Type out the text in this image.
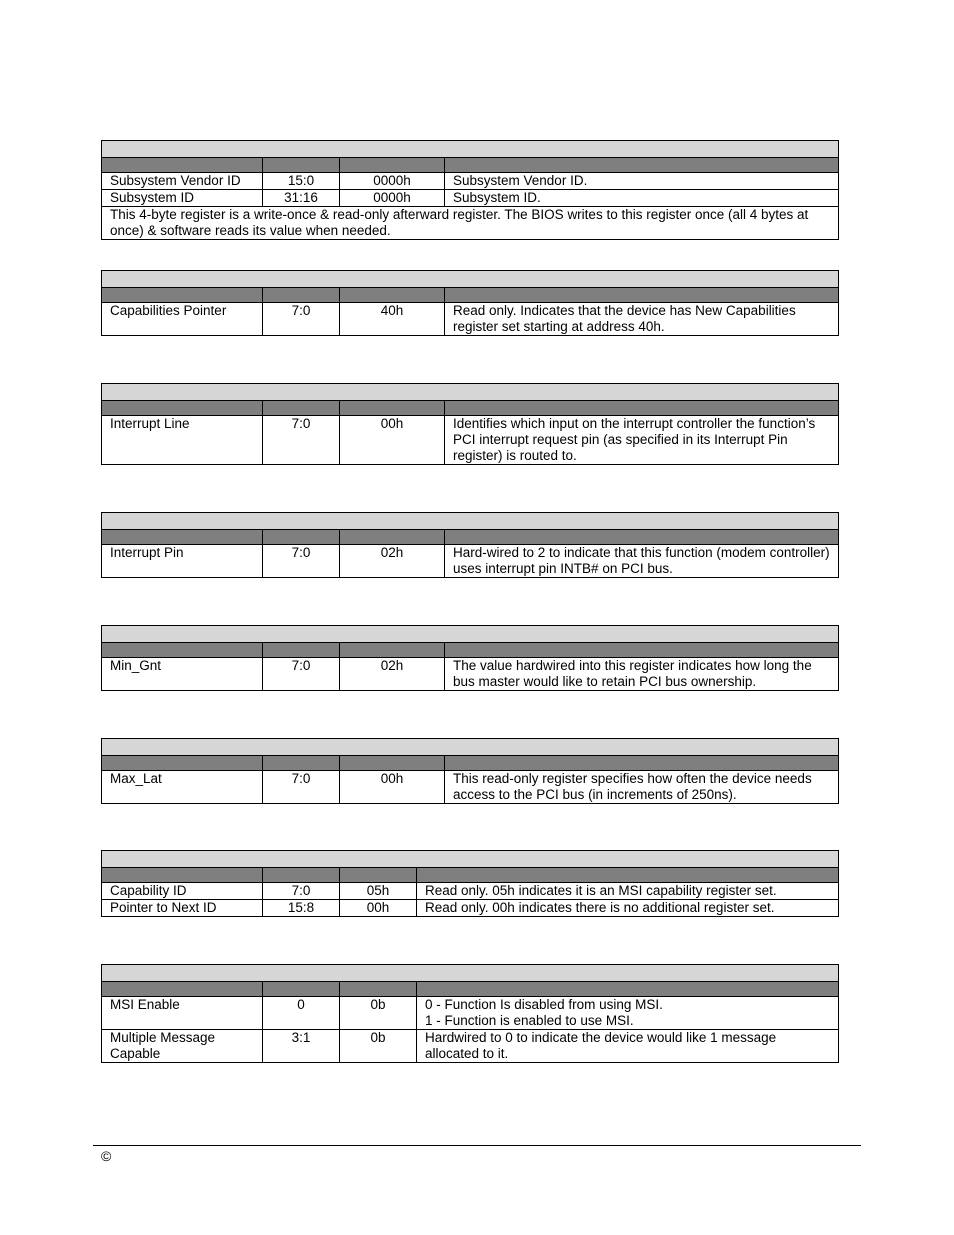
Subsystem Vendor ID	15:0	0000h	Subsystem Vendor ID.
Subsystem ID	31:16	0000h	Subsystem ID.
This 4-byte register is a write-once & read-only afterward register. The BIOS writes to this register once (all 4 bytes at once) & software reads its value when needed.			

Capabilities Pointer	7:0	40h	Read only. Indicates that the device has New Capabilities register set starting at address 40h.

Interrupt Line	7:0	00h	Identifies which input on the interrupt controller the function’s PCI interrupt request pin (as specified in its Interrupt Pin register) is routed to.

Interrupt Pin	7:0	02h	Hard-wired to 2 to indicate that this function (modem controller) uses interrupt pin INTB# on PCI bus.

Min_Gnt	7:0	02h	The value hardwired into this register indicates how long the bus master would like to retain PCI bus ownership.

Max_Lat	7:0	00h	This read-only register specifies how often the device needs access to the PCI bus (in increments of 250ns).

Capability ID	7:0	05h	Read only. 05h indicates it is an MSI capability register set.
Pointer to Next ID	15:8	00h	Read only. 00h indicates there is no additional register set.

MSI Enable	0	0b	0 - Function Is disabled from using MSI.
1 - Function is enabled to use MSI.
Multiple Message Capable	3:1	0b	Hardwired to 0 to indicate the device would like 1 message allocated to it.
©
